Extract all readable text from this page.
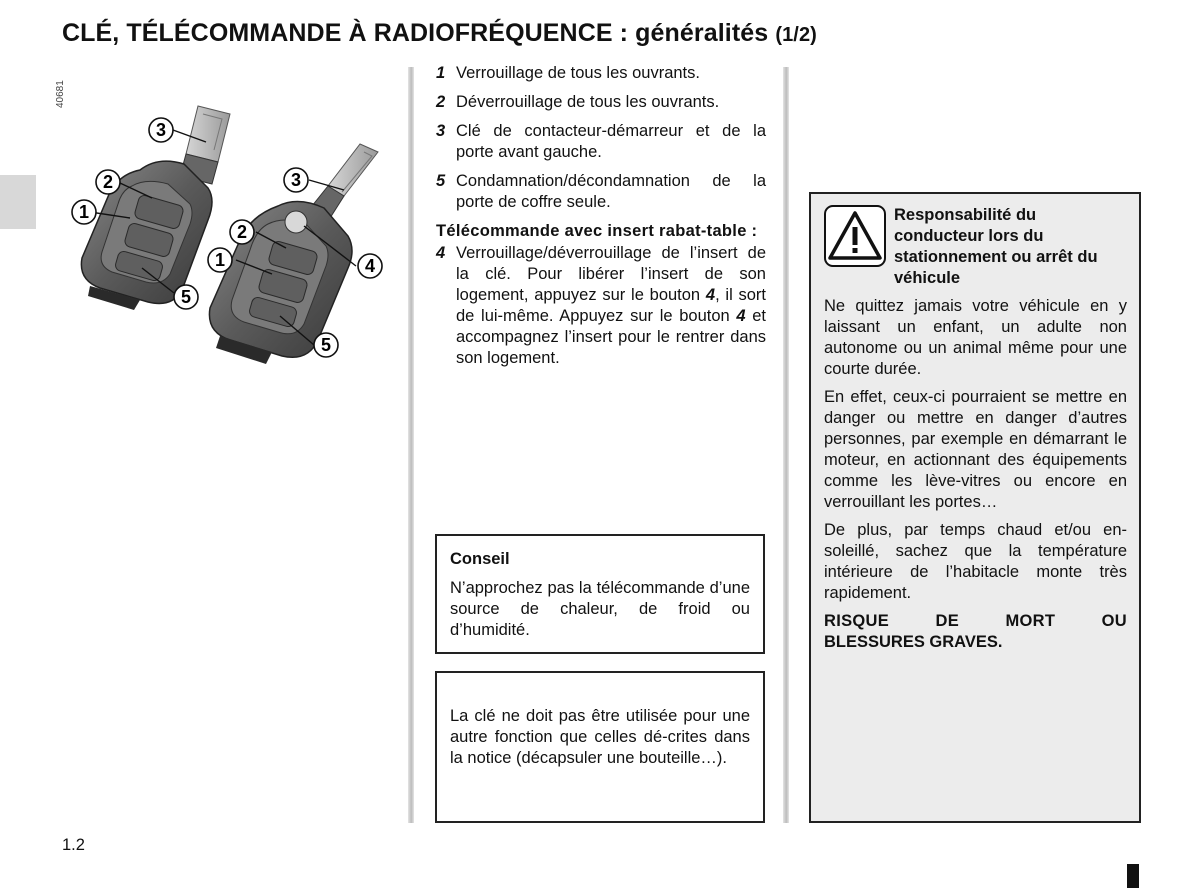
CLÉ, TÉLÉCOMMANDE À RADIOFRÉQUENCE : généralités (1/2)
40681
3
2
1
5
3
2
1	4
5
1 Verrouillage de tous les ouvrants.
2 Déverrouillage de tous les ouvrants.
3 Clé de contacteur-démarreur et de la porte avant gauche.
5 Condamnation/décondamnation de la porte de coffre seule.
Télécommande avec insert rabat-table :
4 Verrouillage/déverrouillage de l’insert de la clé. Pour libérer l’insert de son logement, appuyez sur le bouton 4, il sort de lui-même. Appuyez sur le bouton 4 et accompagnez l’insert pour le rentrer dans son logement.
Conseil
N’approchez pas la télécommande d’une source de chaleur, de froid ou d’humidité.
La clé ne doit pas être utilisée pour une autre fonction que celles dé-crites dans la notice (décapsuler une bouteille…).
Responsabilité du conducteur lors du stationnement ou arrêt du véhicule

Ne quittez jamais votre véhicule en y laissant un enfant, un adulte non autonome ou un animal même pour une courte durée.

En effet, ceux-ci pourraient se mettre en danger ou mettre en danger d’autres personnes, par exemple en démarrant le moteur, en actionnant des équipements comme les lève-vitres ou encore en verrouillant les portes…

De plus, par temps chaud et/ou en-soleillé, sachez que la température intérieure de l’habitacle monte très rapidement.

RISQUE DE MORT OU
BLESSURES GRAVES.
1.2
